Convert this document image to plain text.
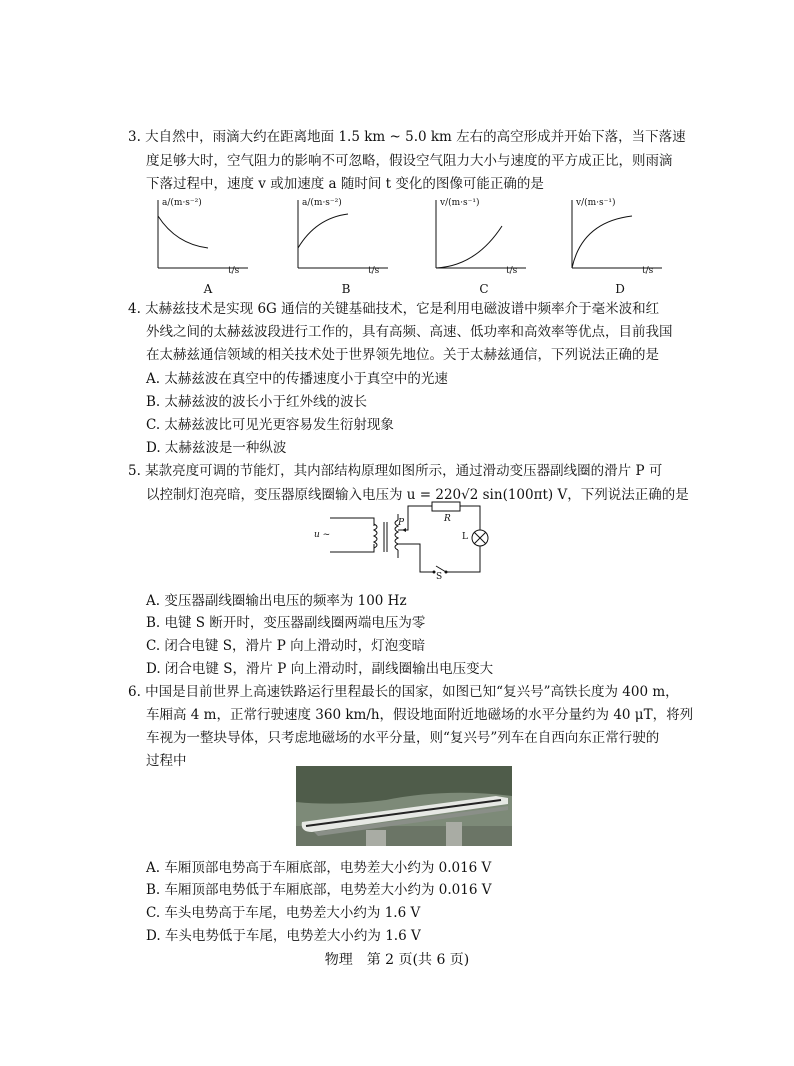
3. 大自然中，雨滴大约在距离地面 1.5 km ~ 5.0 km 左右的高空形成并开始下落，当下落速
度足够大时，空气阻力的影响不可忽略，假设空气阻力大小与速度的平方成正比，则雨滴
下落过程中，速度 v 或加速度 a 随时间 t 变化的图像可能正确的是
a/(m·s⁻²)
t/s
a/(m·s⁻²)
t/s
v/(m·s⁻¹)
t/s
v/(m·s⁻¹)
t/s
A	B	C	D
4. 太赫兹技术是实现 6G 通信的关键基础技术，它是利用电磁波谱中频率介于毫米波和红
外线之间的太赫兹波段进行工作的，具有高频、高速、低功率和高效率等优点，目前我国
在太赫兹通信领域的相关技术处于世界领先地位。关于太赫兹通信，下列说法正确的是
A. 太赫兹波在真空中的传播速度小于真空中的光速
B. 太赫兹波的波长小于红外线的波长
C. 太赫兹波比可见光更容易发生衍射现象
D. 太赫兹波是一种纵波
5. 某款亮度可调的节能灯，其内部结构原理如图所示，通过滑动变压器副线圈的滑片 P 可
以控制灯泡亮暗，变压器原线圈输入电压为 u = 220√2 sin(100πt) V，下列说法正确的是
u ~
P	R
L
S
A. 变压器副线圈输出电压的频率为 100 Hz
B. 电键 S 断开时，变压器副线圈两端电压为零
C. 闭合电键 S，滑片 P 向上滑动时，灯泡变暗
D. 闭合电键 S，滑片 P 向上滑动时，副线圈输出电压变大
6. 中国是目前世界上高速铁路运行里程最长的国家，如图已知“复兴号”高铁长度为 400 m，
车厢高 4 m，正常行驶速度 360 km/h，假设地面附近地磁场的水平分量约为 40 μT，将列
车视为一整块导体，只考虑地磁场的水平分量，则“复兴号”列车在自西向东正常行驶的
过程中
A. 车厢顶部电势高于车厢底部，电势差大小约为 0.016 V
B. 车厢顶部电势低于车厢底部，电势差大小约为 0.016 V
C. 车头电势高于车尾，电势差大小约为 1.6 V
D. 车头电势低于车尾，电势差大小约为 1.6 V
物理　第 2 页(共 6 页)
